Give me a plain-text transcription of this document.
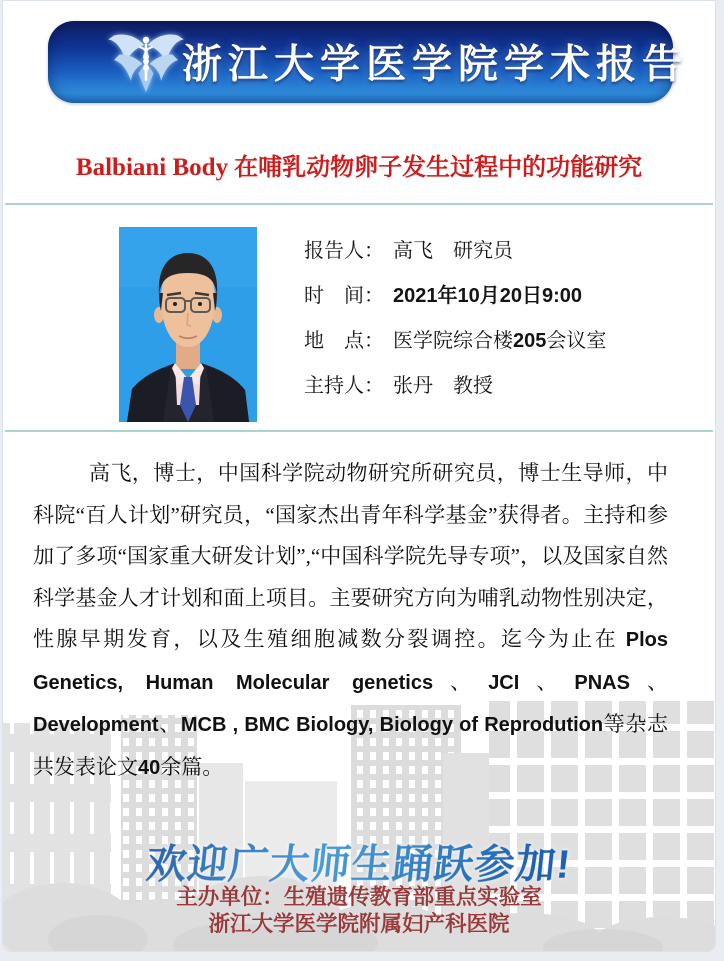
浙江大学医学院学术报告
Balbiani Body 在哺乳动物卵子发生过程中的功能研究
报告人： 高飞　研究员
时　间： 2021年10月20日9:00
地　点： 医学院综合楼205会议室
主持人： 张丹　教授

高飞，博士，中国科学院动物研究所研究员，博士生导师，中科院“百人计划”研究员，“国家杰出青年科学基金”获得者。主持和参加了多项“国家重大研发计划”,“中国科学院先导专项”，以及国家自然科学基金人才计划和面上项目。主要研究方向为哺乳动物性别决定，性腺早期发育，以及生殖细胞减数分裂调控。迄今为止在 Plos Genetics, Human Molecular genetics、JCI、PNAS、Development、MCB , BMC Biology, Biology of Reprodution等杂志共发表论文40余篇。

欢迎广大师生踊跃参加!
主办单位：生殖遗传教育部重点实验室
浙江大学医学院附属妇产科医院
